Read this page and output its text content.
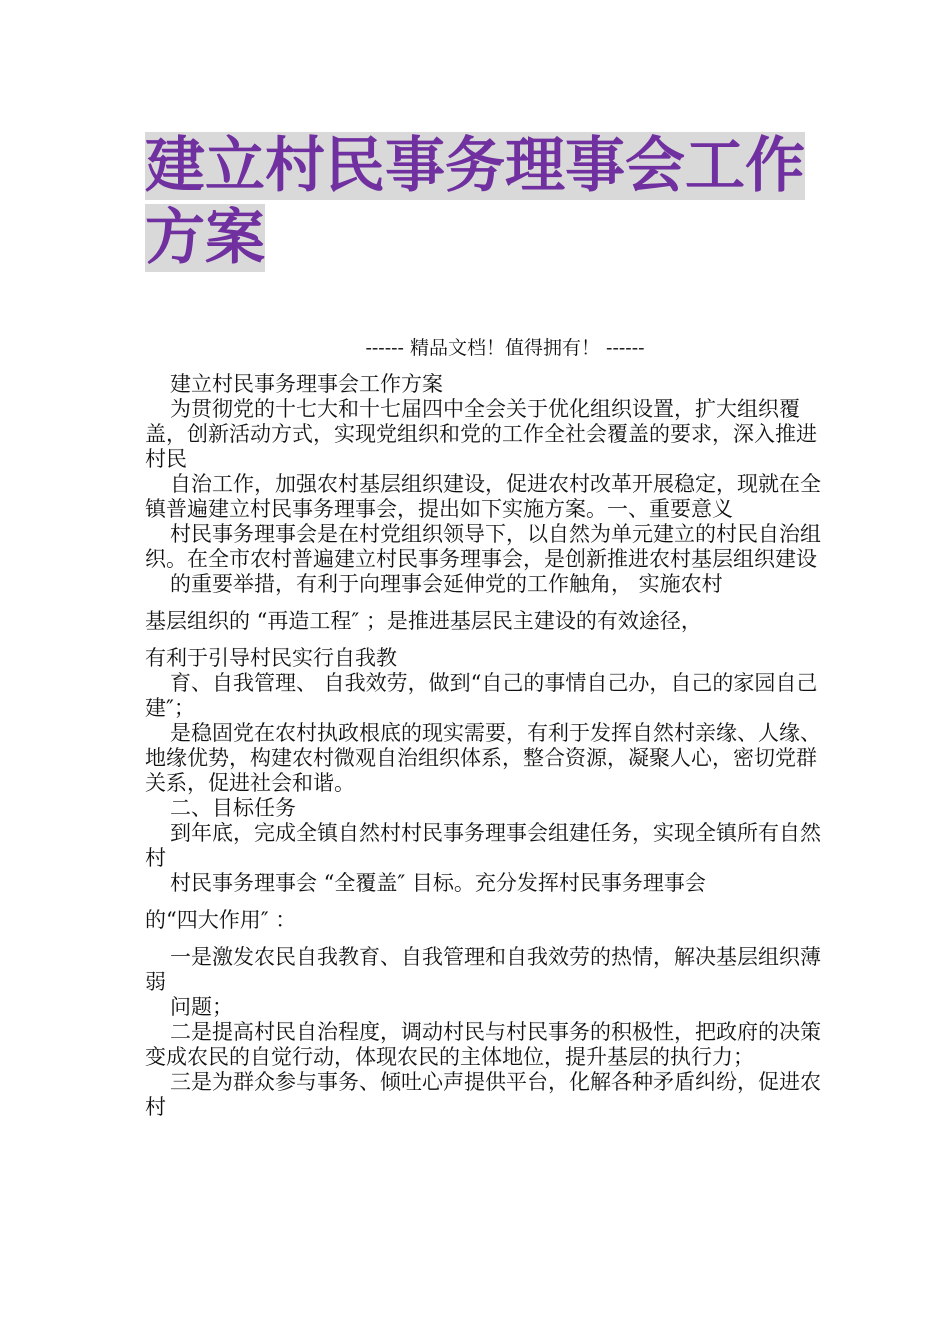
建立村民事务理事会工作
方案
------ 精品文档！值得拥有！ ------

建立村民事务理事会工作方案

为贯彻党的十七大和十七届四中全会关于优化组织设置，扩大组织覆盖，创新活动方式，实现党组织和党的工作全社会覆盖的要求，深入推进村民

自治工作，加强农村基层组织建设，促进农村改革开展稳定，现就在全镇普遍建立村民事务理事会，提出如下实施方案。一、重要意义

村民事务理事会是在村党组织领导下，以自然为单元建立的村民自治组织。在全市农村普遍建立村民事务理事会，是创新推进农村基层组织建设

的重要举措，有利于向理事会延伸党的工作触角， 实施农村

基层组织的 “再造工程″ ；是推进基层民主建设的有效途径，

有利于引导村民实行自我教

育、自我管理、 自我效劳，做到“自己的事情自己办，自己的家园自己建″；

是稳固党在农村执政根底的现实需要，有利于发挥自然村亲缘、人缘、地缘优势，构建农村微观自治组织体系，整合资源，凝聚人心，密切党群关系，促进社会和谐。

二、目标任务

到年底，完成全镇自然村村民事务理事会组建任务，实现全镇所有自然村

村民事务理事会 “全覆盖″ 目标。充分发挥村民事务理事会

的“四大作用″ ：

一是激发农民自我教育、自我管理和自我效劳的热情，解决基层组织薄弱

问题；

二是提高村民自治程度，调动村民与村民事务的积极性，把政府的决策变成农民的自觉行动，体现农民的主体地位，提升基层的执行力；

三是为群众参与事务、倾吐心声提供平台，化解各种矛盾纠纷，促进农村
